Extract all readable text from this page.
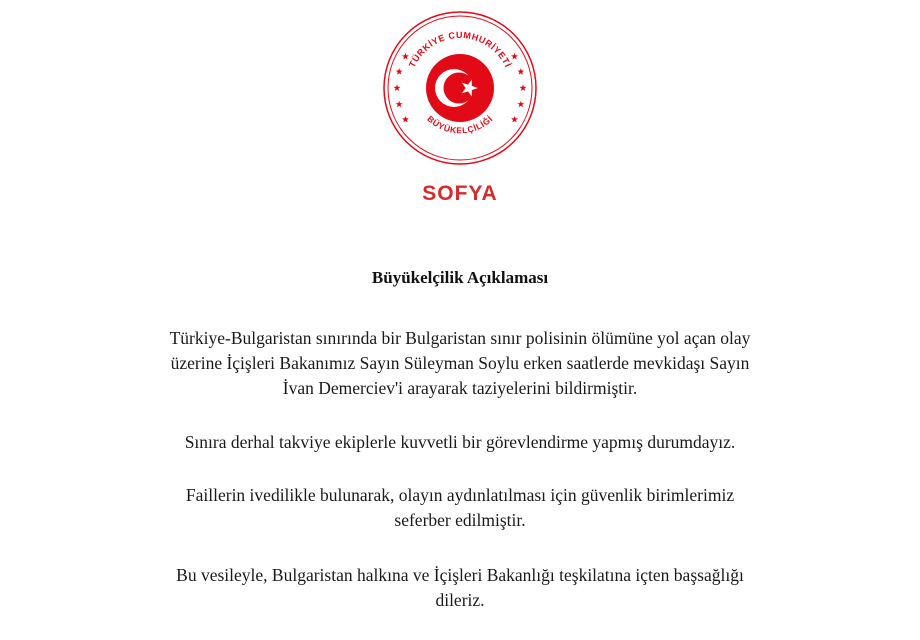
TÜRKİYE CUMHURİYETİ
BÜYÜKELÇİLİĞİ
SOFYA
Büyükelçilik Açıklaması
Türkiye-Bulgaristan sınırında bir Bulgaristan sınır polisinin ölümüne yol açan olay
üzerine İçişleri Bakanımız Sayın Süleyman Soylu erken saatlerde mevkidaşı Sayın
İvan Demerciev'i arayarak taziyelerini bildirmiştir.
Sınıra derhal takviye ekiplerle kuvvetli bir görevlendirme yapmış durumdayız.
Faillerin ivedilikle bulunarak, olayın aydınlatılması için güvenlik birimlerimiz
seferber edilmiştir.
Bu vesileyle, Bulgaristan halkına ve İçişleri Bakanlığı teşkilatına içten başsağlığı
dileriz.
